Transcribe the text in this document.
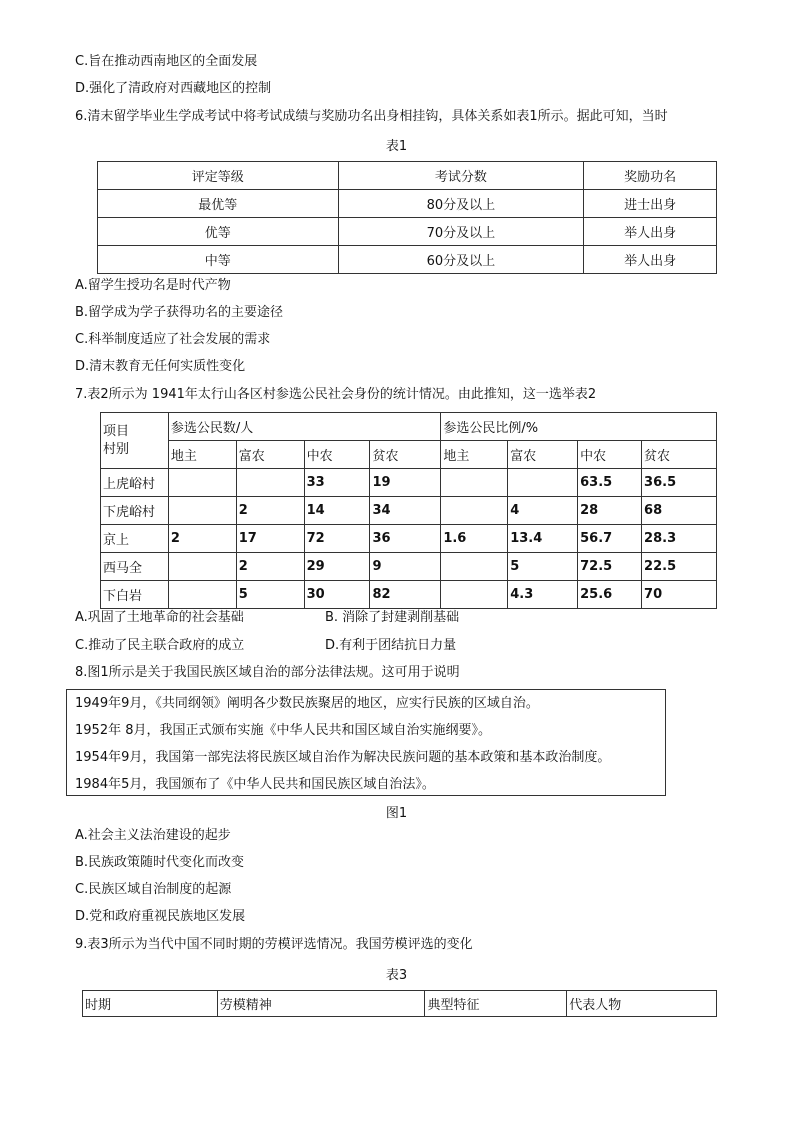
C.旨在推动西南地区的全面发展
D.强化了清政府对西藏地区的控制
6.清末留学毕业生学成考试中将考试成绩与奖励功名出身相挂钩，具体关系如表1所示。据此可知，当时
表1
评定等级	考试分数	奖励功名
最优等	80分及以上	进士出身
优等	70分及以上	举人出身
中等	60分及以上	举人出身
A.留学生授功名是时代产物
B.留学成为学子获得功名的主要途径
C.科举制度适应了社会发展的需求
D.清末教育无任何实质性变化
7.表2所示为 1941年太行山各区村参选公民社会身份的统计情况。由此推知，这一选举表2
项目
村别	参选公民数/人				参选公民比例/%			
	地主	富农	中农	贫农	地主	富农	中农	贫农
上虎峪村			33	19			63.5	36.5
下虎峪村		2	14	34		4	28	68
京上	2	17	72	36	1.6	13.4	56.7	28.3
西马全		2	29	9		5	72.5	22.5
下白岩		5	30	82		4.3	25.6	70
A.巩固了土地革命的社会基础	B. 消除了封建剥削基础
C.推动了民主联合政府的成立	D.有利于团结抗日力量
8.图1所示是关于我国民族区域自治的部分法律法规。这可用于说明
1949年9月，《共同纲领》阐明各少数民族聚居的地区，应实行民族的区域自治。
1952年 8月，我国正式颁布实施《中华人民共和国区域自治实施纲要》。
1954年9月，我国第一部宪法将民族区域自治作为解决民族问题的基本政策和基本政治制度。
1984年5月，我国颁布了《中华人民共和国民族区域自治法》。
图1
A.社会主义法治建设的起步
B.民族政策随时代变化而改变
C.民族区域自治制度的起源
D.党和政府重视民族地区发展
9.表3所示为当代中国不同时期的劳模评选情况。我国劳模评选的变化
表3
时期	劳模精神	典型特征	代表人物
